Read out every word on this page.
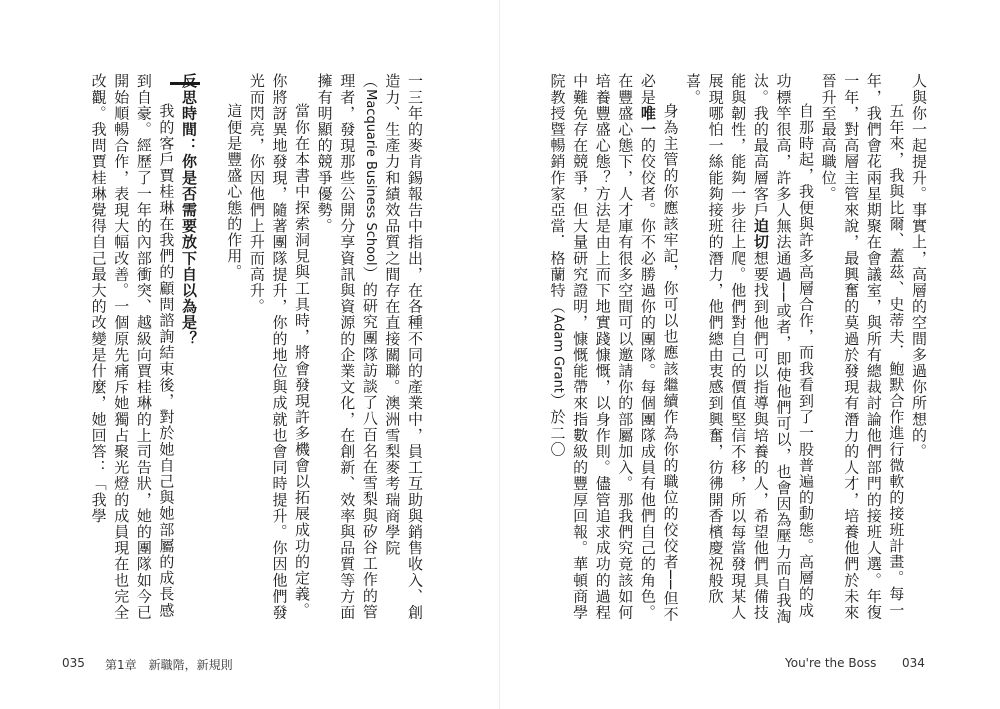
人與你一起提升。事實上，高層的空間多過你所想的。

五年來，我與比爾、蓋茲、史蒂夫．鮑默合作進行微軟的接班計畫。每一年，我們會花兩星期聚在會議室，與所有總裁討論他們部門的接班人選。年復一年，對高層主管來說，最興奮的莫過於發現有潛力的人才，培養他們於未來晉升至最高職位。

自那時起，我便與許多高層合作，而我看到了一股普遍的動態。高層的成功標竿很高，許多人無法通過──或者，即使他們可以，也會因為壓力而自我淘汰。我的最高層客戶迫切想要找到他們可以指導與培養的人，希望他們具備技能與韌性，能夠一步往上爬。他們對自己的價值堅信不移，所以每當發現某人展現哪怕一絲能夠接班的潛力，他們總由衷感到興奮，彷彿開香檳慶祝般欣喜。

身為主管的你應該牢記，你可以也應該繼續作為你的職位的佼佼者──但不必是唯一的佼佼者。你不必勝過你的團隊。每個團隊成員有他們自己的角色。在豐盛心態下，人才庫有很多空間可以邀請你的部屬加入。那我們究竟該如何培養豐盛心態？方法是由上而下地實踐慷慨，以身作則。儘管追求成功的過程中難免存在競爭，但大量研究證明，慷慨能帶來指數級的豐厚回報。華頓商學院教授暨暢銷作家亞當．格蘭特（Adam Grant）於二〇

一三年的麥肯錫報告中指出，在各種不同的產業中，員工互助與銷售收入、創造力、生產力和績效品質之間存在直接關聯。澳洲雪梨麥考瑞商學院（Macquarie Business School）的研究團隊訪談了八百名在雪梨與矽谷工作的管理者，發現那些公開分享資訊與資源的企業文化，在創新、效率與品質等方面擁有明顯的競爭優勢。

當你在本書中探索洞見與工具時，將會發現許多機會以拓展成功的定義。你將訝異地發現，隨著團隊提升，你的地位與成就也會同時提升。你因他們發光而閃亮，你因他們上升而高升。

這便是豐盛心態的作用。

反思時間：你是否需要放下自以為是？

我的客戶賈桂琳在我們的顧問諮詢結束後，對於她自己與她部屬的成長感到自豪。經歷了一年的內部衝突、越級向賈桂琳的上司告狀，她的團隊如今已開始順暢合作，表現大幅改善。一個原先痛斥她獨占聚光燈的成員現在也完全改觀。我問賈桂琳覺得自己最大的改變是什麼，她回答：「我學

035 第1章　新職階，新規則	You're the Boss 034
